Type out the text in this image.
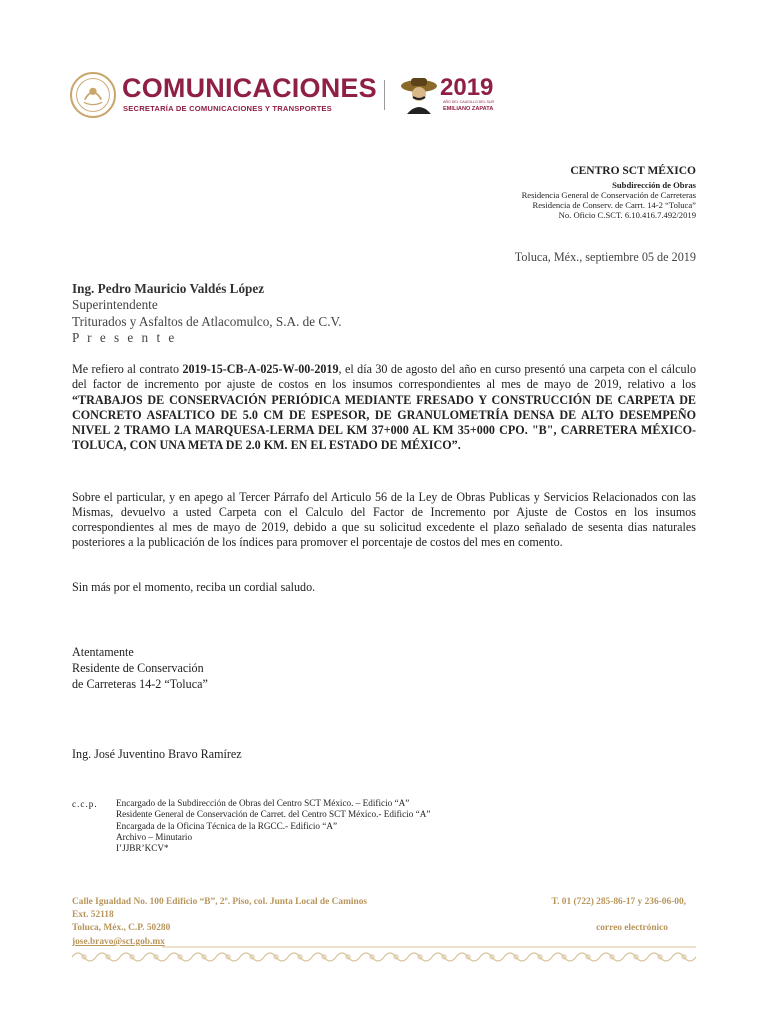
COMUNICACIONES
SECRETARÍA DE COMUNICACIONES Y TRANSPORTES
2019
AÑO DEL CAUDILLO DEL SUR
EMILIANO ZAPATA
CENTRO SCT MÉXICO
Subdirección de Obras
Residencia General de Conservación de Carreteras
Residencia de Conserv. de Carrt. 14-2 “Toluca”
No. Oficio C.SCT. 6.10.416.7.492/2019
Toluca, Méx., septiembre 05 de 2019
Ing. Pedro Mauricio Valdés López
Superintendente
Triturados y Asfaltos de Atlacomulco, S.A. de C.V.
P r e s e n t e
Me refiero al contrato 2019-15-CB-A-025-W-00-2019, el día 30 de agosto del año en curso presentó una carpeta con el cálculo del factor de incremento por ajuste de costos en los insumos correspondientes al mes de mayo de 2019, relativo a los “TRABAJOS DE CONSERVACIÓN PERIÓDICA MEDIANTE FRESADO Y CONSTRUCCIÓN DE CARPETA DE CONCRETO ASFALTICO DE 5.0 CM DE ESPESOR, DE GRANULOMETRÍA DENSA DE ALTO DESEMPEÑO NIVEL 2 TRAMO LA MARQUESA-LERMA DEL KM 37+000 AL KM 35+000 CPO. "B", CARRETERA MÉXICO-TOLUCA, CON UNA META DE 2.0 KM. EN EL ESTADO DE MÉXICO”.
Sobre el particular, y en apego al Tercer Párrafo del Articulo 56 de la Ley de Obras Publicas y Servicios Relacionados con las Mismas, devuelvo a usted Carpeta con el Calculo del Factor de Incremento por Ajuste de Costos en los insumos correspondientes al mes de mayo de 2019, debido a que su solicitud excedente el plazo señalado de sesenta dias naturales posteriores a la publicación de los índices para promover el porcentaje de costos del mes en comento.
Sin más por el momento, reciba un cordial saludo.
Atentamente
Residente de Conservación
de Carreteras 14-2 “Toluca”
Ing. José Juventino Bravo Ramírez
c.c.p. Encargado de la Subdirección de Obras del Centro SCT México. – Edificio “A”
Residente General de Conservación de Carret. del Centro SCT México.- Edificio “A”
Encargada de la Oficina Técnica de la RGCC.- Edificio “A”
Archivo – Minutario
I’JJBR’KCV*
Calle Igualdad No. 100 Edificio “B”, 2º. Piso, col. Junta Local de Caminos
Ext. 52118
Toluca, Méx., C.P. 50280
jose.bravo@sct.gob.mx
T. 01 (722) 285-86-17 y 236-06-00,
correo electrónico
